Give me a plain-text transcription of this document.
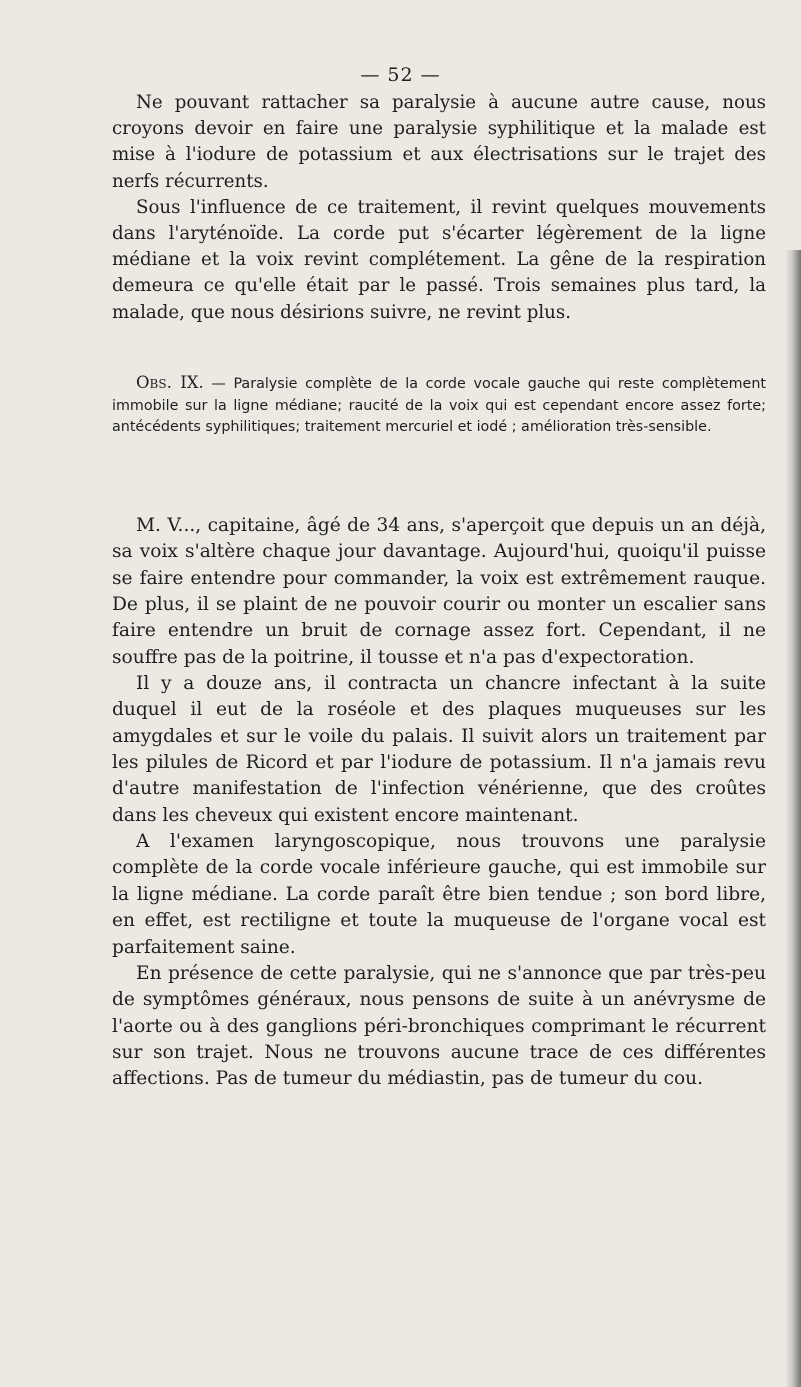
— 52 —

Ne pouvant rattacher sa paralysie à aucune autre cause, nous croyons devoir en faire une paralysie syphilitique et la malade est mise à l'iodure de potassium et aux électrisations sur le trajet des nerfs récurrents.

Sous l'influence de ce traitement, il revint quelques mouvements dans l'aryténoïde. La corde put s'écarter légèrement de la ligne médiane et la voix revint complétement. La gêne de la respiration demeura ce qu'elle était par le passé. Trois semaines plus tard, la malade, que nous désirions suivre, ne revint plus.

Obs. IX. — Paralysie complète de la corde vocale gauche qui reste complètement immobile sur la ligne médiane; raucité de la voix qui est cependant encore assez forte; antécédents syphilitiques; traitement mercuriel et iodé ; amélioration très-sensible.

M. V..., capitaine, âgé de 34 ans, s'aperçoit que depuis un an déjà, sa voix s'altère chaque jour davantage. Aujourd'hui, quoiqu'il puisse se faire entendre pour commander, la voix est extrêmement rauque. De plus, il se plaint de ne pouvoir courir ou monter un escalier sans faire entendre un bruit de cornage assez fort. Cependant, il ne souffre pas de la poitrine, il tousse et n'a pas d'expectoration.

Il y a douze ans, il contracta un chancre infectant à la suite duquel il eut de la roséole et des plaques muqueuses sur les amygdales et sur le voile du palais. Il suivit alors un traitement par les pilules de Ricord et par l'iodure de potassium. Il n'a jamais revu d'autre manifestation de l'infection vénérienne, que des croûtes dans les cheveux qui existent encore maintenant.

A l'examen laryngoscopique, nous trouvons une paralysie complète de la corde vocale inférieure gauche, qui est immobile sur la ligne médiane. La corde paraît être bien tendue ; son bord libre, en effet, est rectiligne et toute la muqueuse de l'organe vocal est parfaitement saine.

En présence de cette paralysie, qui ne s'annonce que par très-peu de symptômes généraux, nous pensons de suite à un anévrysme de l'aorte ou à des ganglions péri-bronchiques comprimant le récurrent sur son trajet. Nous ne trouvons aucune trace de ces différentes affections. Pas de tumeur du médiastin, pas de tumeur du cou.
